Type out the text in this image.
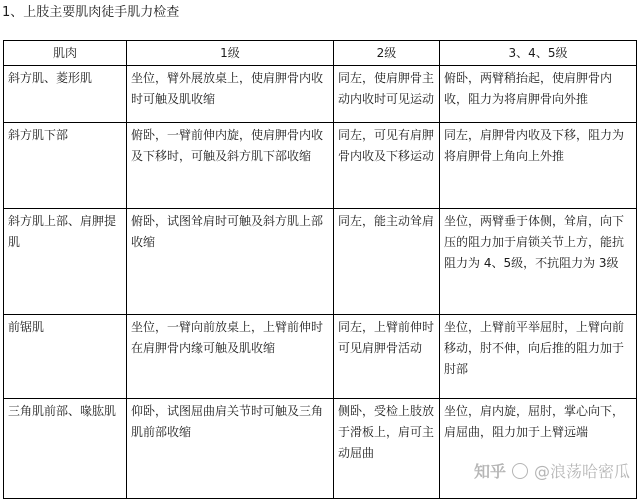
1、上肢主要肌肉徒手肌力检查
肌肉	1级	2级	3、4、5级
斜方肌、菱形肌	坐位，臂外展放桌上，使肩胛骨内收时可触及肌收缩	同左，使肩胛骨主动内收时可见运动	俯卧，两臂稍抬起，使肩胛骨内收，阻力为将肩胛骨向外推
斜方肌下部	俯卧，一臂前伸内旋，使肩胛骨内收及下移时，可触及斜方肌下部收缩	同左，可见有肩胛骨内收及下移运动	同左，肩胛骨内收及下移，阻力为将肩胛骨上角向上外推
斜方肌上部、肩胛提肌	俯卧，试图耸肩时可触及斜方肌上部收缩	同左，能主动耸肩	坐位，两臂垂于体侧，耸肩，向下压的阻力加于肩锁关节上方，能抗阻力为 4、5级，不抗阻力为 3级
前锯肌	坐位，一臂向前放桌上，上臂前伸时在肩胛骨内缘可触及肌收缩	同左，上臂前伸时可见肩胛骨活动	坐位，上臂前平举屈肘，上臂向前移动，肘不伸，向后推的阻力加于肘部
三角肌前部、喙肱肌	仰卧，试图屈曲肩关节时可触及三角肌前部收缩	侧卧，受检上肢放于滑板上，肩可主动屈曲	坐位，肩内旋，屈肘，掌心向下，肩屈曲，阻力加于上臂远端
知乎 @浪荡哈密瓜
